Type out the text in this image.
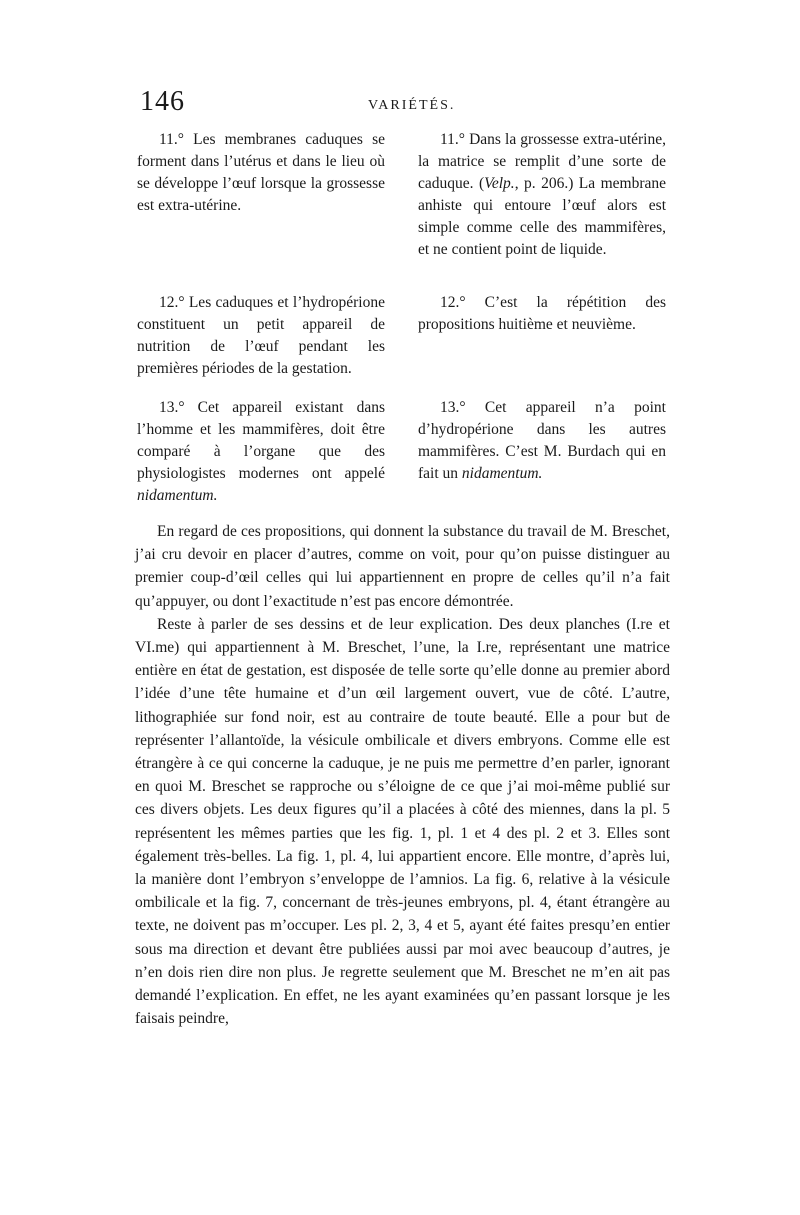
146	VARIÉTÉS.

11.° Les membranes caduques se forment dans l’utérus et dans le lieu où se développe l’œuf lorsque la grossesse est extra-utérine.

11.° Dans la grossesse extra-utérine, la matrice se remplit d’une sorte de caduque. (Velp., p. 206.) La membrane anhiste qui entoure l’œuf alors est simple comme celle des mammifères, et ne contient point de liquide.

12.° Les caduques et l’hydropérione constituent un petit appareil de nutrition de l’œuf pendant les premières périodes de la gestation.

12.° C’est la répétition des propositions huitième et neuvième.

13.° Cet appareil existant dans l’homme et les mammifères, doit être comparé à l’organe que des physiologistes modernes ont appelé nidamentum.

13.° Cet appareil n’a point d’hydropérione dans les autres mammifères. C’est M. Burdach qui en fait un nidamentum.

En regard de ces propositions, qui donnent la substance du travail de M. Breschet, j’ai cru devoir en placer d’autres, comme on voit, pour qu’on puisse distinguer au premier coup-d’œil celles qui lui appartiennent en propre de celles qu’il n’a fait qu’appuyer, ou dont l’exactitude n’est pas encore démontrée.

Reste à parler de ses dessins et de leur explication. Des deux planches (I.re et VI.me) qui appartiennent à M. Breschet, l’une, la I.re, représentant une matrice entière en état de gestation, est disposée de telle sorte qu’elle donne au premier abord l’idée d’une tête humaine et d’un œil largement ouvert, vue de côté. L’autre, lithographiée sur fond noir, est au contraire de toute beauté. Elle a pour but de représenter l’allantoïde, la vésicule ombilicale et divers embryons. Comme elle est étrangère à ce qui concerne la caduque, je ne puis me permettre d’en parler, ignorant en quoi M. Breschet se rapproche ou s’éloigne de ce que j’ai moi-même publié sur ces divers objets. Les deux figures qu’il a placées à côté des miennes, dans la pl. 5 représentent les mêmes parties que les fig. 1, pl. 1 et 4 des pl. 2 et 3. Elles sont également très-belles. La fig. 1, pl. 4, lui appartient encore. Elle montre, d’après lui, la manière dont l’embryon s’enveloppe de l’amnios. La fig. 6, relative à la vésicule ombilicale et la fig. 7, concernant de très-jeunes embryons, pl. 4, étant étrangère au texte, ne doivent pas m’occuper. Les pl. 2, 3, 4 et 5, ayant été faites presqu’en entier sous ma direction et devant être publiées aussi par moi avec beaucoup d’autres, je n’en dois rien dire non plus. Je regrette seulement que M. Breschet ne m’en ait pas demandé l’explication. En effet, ne les ayant examinées qu’en passant lorsque je les faisais peindre,
